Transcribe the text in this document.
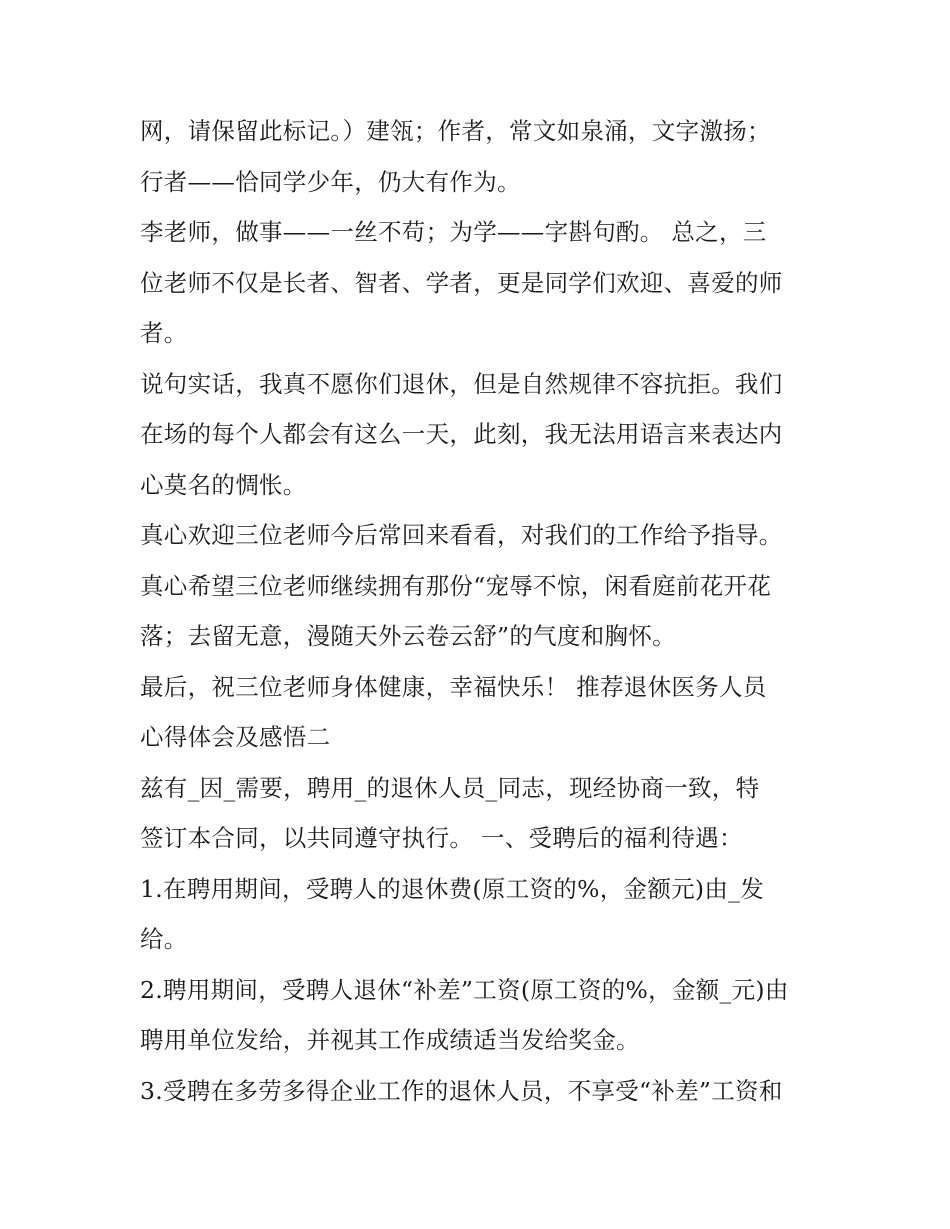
网，请保留此标记。）建瓴；作者，常文如泉涌，文字激扬；
行者——恰同学少年，仍大有作为。
李老师，做事——一丝不苟；为学——字斟句酌。 总之，三
位老师不仅是长者、智者、学者，更是同学们欢迎、喜爱的师
者。
说句实话，我真不愿你们退休，但是自然规律不容抗拒。我们
在场的每个人都会有这么一天，此刻，我无法用语言来表达内
心莫名的惆怅。
真心欢迎三位老师今后常回来看看，对我们的工作给予指导。
真心希望三位老师继续拥有那份“宠辱不惊，闲看庭前花开花
落；去留无意，漫随天外云卷云舒”的气度和胸怀。
最后，祝三位老师身体健康，幸福快乐！ 推荐退休医务人员
心得体会及感悟二
兹有_因_需要，聘用_的退休人员_同志，现经协商一致，特
签订本合同，以共同遵守执行。 一、受聘后的福利待遇：
1.在聘用期间，受聘人的退休费(原工资的%，金额元)由_发
给。
2.聘用期间，受聘人退休“补差”工资(原工资的%，金额_元)由
聘用单位发给，并视其工作成绩适当发给奖金。
3.受聘在多劳多得企业工作的退休人员，不享受“补差”工资和
